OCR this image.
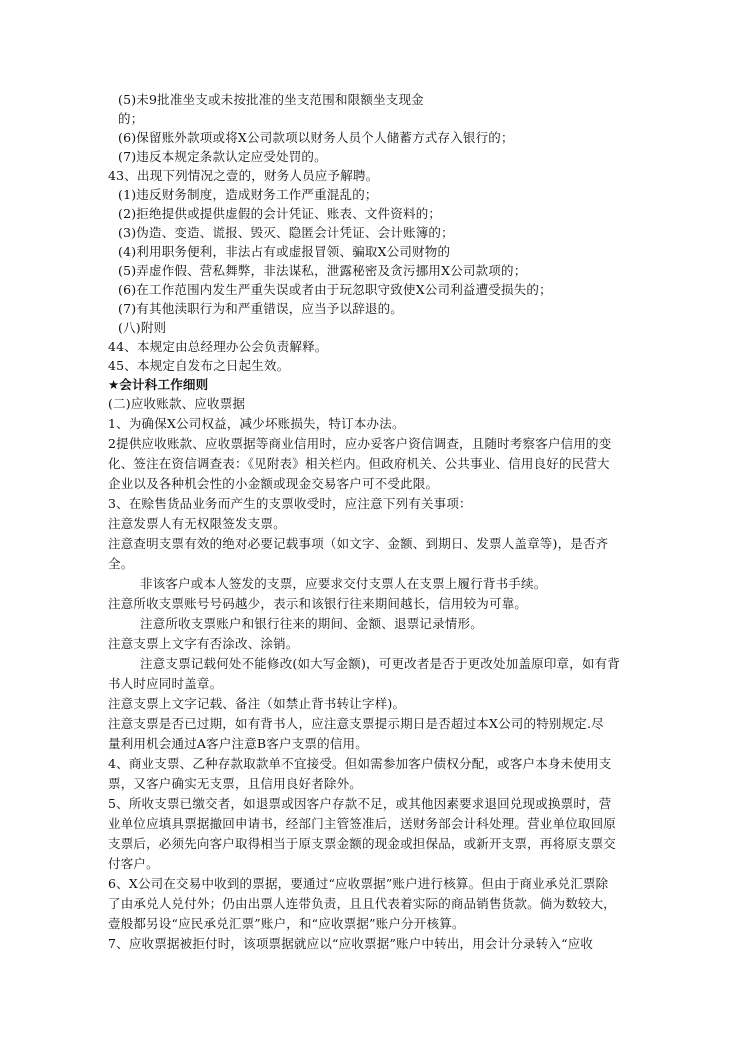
(5)未9批准坐支或未按批准的坐支范围和限额坐支现金
的；
(6)保留账外款项或将X公司款项以财务人员个人储蓄方式存入银行的；
(7)违反本规定条款认定应受处罚的。
43、出现下列情况之壹的，财务人员应予解聘。
(1)违反财务制度，造成财务工作严重混乱的；
(2)拒绝提供或提供虚假的会计凭证、账表、文件资料的；
(3)伪造、变造、谎报、毁灭、隐匿会计凭证、会计账簿的；
(4)利用职务便利，非法占有或虚报冒领、骗取X公司财物的
(5)弄虚作假、营私舞弊，非法谋私，泄露秘密及贪污挪用X公司款项的；
(6)在工作范围内发生严重失误或者由于玩忽职守致使X公司利益遭受损失的；
(7)有其他渎职行为和严重错误，应当予以辞退的。
(八)附则
44、本规定由总经理办公会负责解释。
45、本规定自发布之日起生效。
★会计科工作细则
(二)应收账款、应收票据
1、为确保X公司权益，减少坏账损失，特订本办法。
2提供应收账款、应收票据等商业信用时，应办妥客户资信调查，且随时考察客户信用的变
化、签注在资信调查表：《见附表》相关栏内。但政府机关、公共事业、信用良好的民营大
企业以及各种机会性的小金额或现金交易客户可不受此限。
3、在赊售货品业务而产生的支票收受时，应注意下列有关事项：
注意发票人有无权限签发支票。
注意查明支票有效的绝对必要记载事项（如文字、金额、到期日、发票人盖章等)，是否齐
全。
非该客户或本人签发的支票，应要求交付支票人在支票上履行背书手续。
注意所收支票账号号码越少，表示和该银行往来期间越长，信用较为可靠。
注意所收支票账户和银行往来的期间、金额、退票记录情形。
注意支票上文字有否涂改、涂销。
注意支票记载何处不能修改(如大写金额)，可更改者是否于更改处加盖原印章，如有背
书人时应同时盖章。
注意支票上文字记载、备注（如禁止背书转让字样)。
注意支票是否已过期，如有背书人，应注意支票提示期日是否超过本X公司的特别规定.尽
量利用机会通过A客户注意B客户支票的信用。
4、商业支票、乙种存款取款单不宜接受。但如需参加客户债权分配，或客户本身未使用支
票，又客户确实无支票，且信用良好者除外。
5、所收支票已缴交者，如退票或因客户存款不足，或其他因素要求退回兑现或换票时，营
业单位应填具票据撤回申请书，经部门主管签准后，送财务部会计科处理。营业单位取回原
支票后，必须先向客户取得相当于原支票金额的现金或担保品，或新开支票，再将原支票交
付客户。
6、X公司在交易中收到的票据，要通过“应收票据”账户进行核算。但由于商业承兑汇票除
了由承兑人兑付外；仍由出票人连带负责，且且代表着实际的商品销售货款。倘为数较大，
壹般都另设“应民承兑汇票”账户，和“应收票据”账户分开核算。
7、应收票据被拒付时，该项票据就应以“应收票据”账户中转出，用会计分录转入“应收
